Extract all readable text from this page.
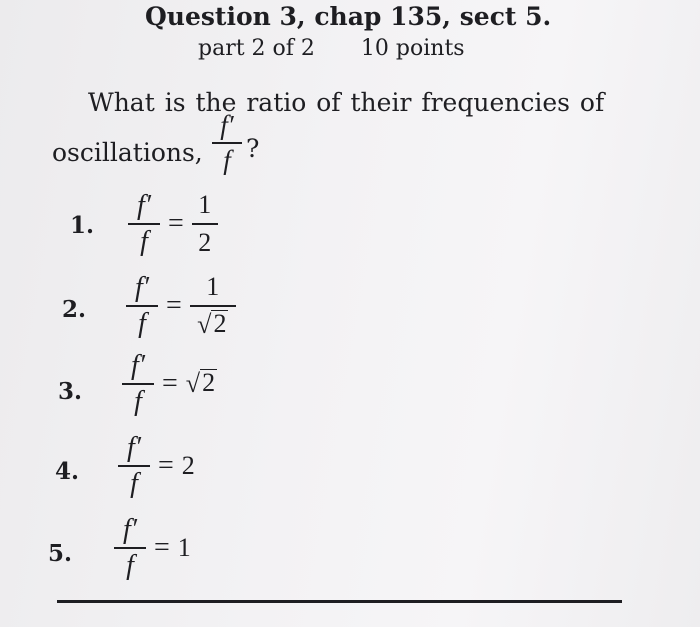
Question 3, chap 135, sect 5.
part 2 of 2 10 points
What is the ratio of their frequencies of
oscillations,
f′
f ?
1. $\frac{f'}{f}$ =
1
2
2. $\frac{f'}{f}$ =
1
√ 2
3. $\frac{f'}{f}$ = √ 2
4. $\frac{f'}{f} = 2$
5. $\frac{f'}{f} = 1$
